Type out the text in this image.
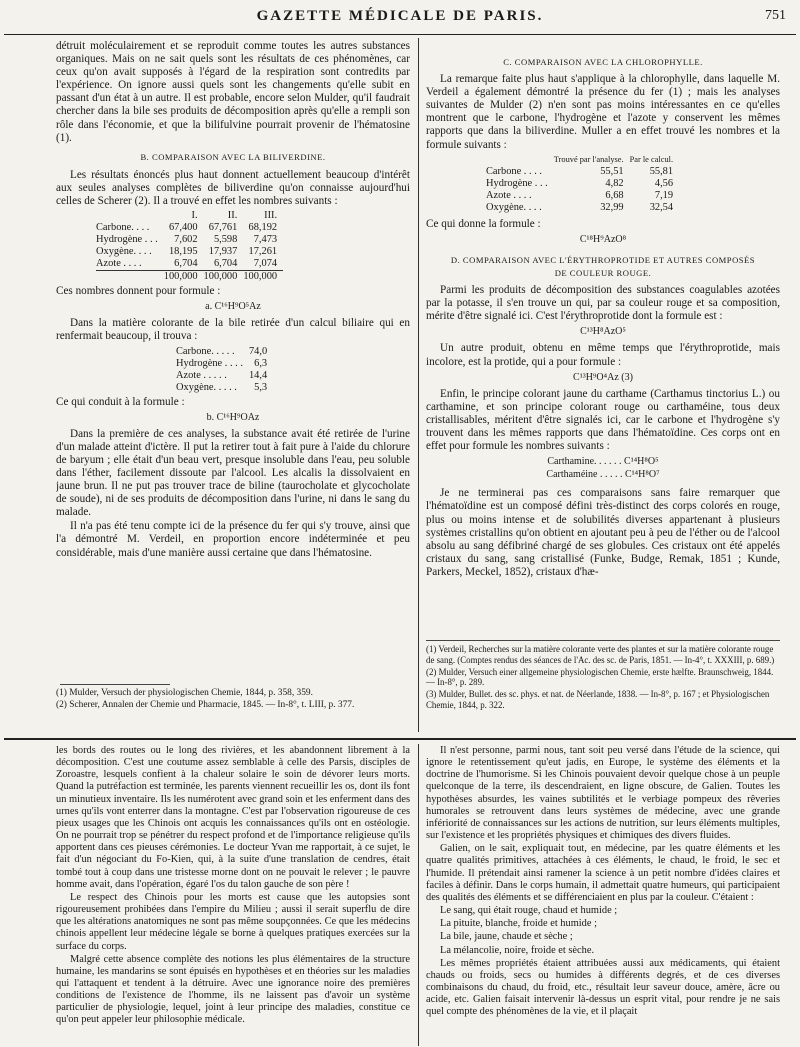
GAZETTE MÉDICALE DE PARIS.	751

détruit moléculairement et se reproduit comme toutes les autres substances organiques. Mais on ne sait quels sont les résultats de ces phénomènes, car ceux qu'on avait supposés à l'égard de la respiration sont contredits par l'expérience. On ignore aussi quels sont les changements qu'elle subit en passant d'un état à un autre. Il est probable, encore selon Mulder, qu'il faudrait chercher dans la bile ses produits de décomposition après qu'elle a rempli son rôle dans l'économie, et que la bilifulvine pourrait provenir de l'hématosine (1).

B. COMPARAISON AVEC LA BILIVERDINE.

Les résultats énoncés plus haut donnent actuellement beaucoup d'intérêt aux seules analyses complètes de biliverdine qu'on connaisse aujourd'hui celles de Scherer (2). Il a trouvé en effet les nombres suivants :

	I.	II.	III.
Carbone. . . .	67,400	67,761	68,192
Hydrogène . . .	7,602	5,598	7,473
Oxygène. . . .	18,195	17,937	17,261
Azote . . . .	6,704	6,704	7,074
	100,000	100,000	100,000

Ces nombres donnent pour formule :

a. C¹⁶H⁹O⁵Az

Dans la matière colorante de la bile retirée d'un calcul biliaire qui en renfermait beaucoup, il trouva :

Carbone. . . . .	74,0
Hydrogène . . . .	6,3
Azote . . . . .	14,4
Oxygène. . . . .	5,3

Ce qui conduit à la formule :

b. C¹⁶H⁹OAz

Dans la première de ces analyses, la substance avait été retirée de l'urine d'un malade atteint d'ictère. Il put la retirer tout à fait pure à l'aide du chlorure de baryum ; elle était d'un beau vert, presque insoluble dans l'eau, peu soluble dans l'éther, facilement dissoute par l'alcool. Les alcalis la dissolvaient en jaune brun. Il ne put pas trouver trace de biline (taurocholate et glycocholate de soude), ni de ses produits de décomposition dans l'urine, ni dans le sang du malade.

Il n'a pas été tenu compte ici de la présence du fer qui s'y trouve, ainsi que l'a démontré M. Verdeil, en proportion encore indéterminée et peu considérable, mais d'une manière aussi certaine que dans l'hématosine.

(1) Mulder, Versuch der physiologischen Chemie, 1844, p. 358, 359.

(2) Scherer, Annalen der Chemie und Pharmacie, 1845. — In-8°, t. LIII, p. 377.

C. COMPARAISON AVEC LA CHLOROPHYLLE.

La remarque faite plus haut s'applique à la chlorophylle, dans laquelle M. Verdeil a également démontré la présence du fer (1) ; mais les analyses suivantes de Mulder (2) n'en sont pas moins intéressantes en ce qu'elles montrent que le carbone, l'hydrogène et l'azote y conservent les mêmes rapports que dans la biliverdine. Muller a en effet trouvé les nombres et la formule suivants :

	Trouvé par l'analyse.	Par le calcul.
Carbone . . . .	55,51	55,81
Hydrogène . . .	4,82	4,56
Azote . . . .	6,68	7,19
Oxygène. . . .	32,99	32,54

Ce qui donne la formule :

C¹⁸H⁹AzO⁸
D. COMPARAISON AVEC L'ÉRYTHROPROTIDE ET AUTRES COMPOSÉS
DE COULEUR ROUGE.

Parmi les produits de décomposition des substances coagulables azotées par la potasse, il s'en trouve un qui, par sa couleur rouge et sa composition, mérite d'être signalé ici. C'est l'érythroprotide dont la formule est :

C¹³H⁸AzO⁵

Un autre produit, obtenu en même temps que l'érythroprotide, mais incolore, est la protide, qui a pour formule :

C¹³H⁹O⁴Az (3)

Enfin, le principe colorant jaune du carthame (Carthamus tinctorius L.) ou carthamine, et son principe colorant rouge ou carthaméine, tous deux cristallisables, méritent d'être signalés ici, car le carbone et l'hydrogène s'y trouvent dans les mêmes rapports que dans l'hématoïdine. Ces corps ont en effet pour formule les nombres suivants :

Carthamine. . . . . . C¹⁴H⁸O⁵
Carthaméine . . . . . C¹⁴H⁸O⁷

Je ne terminerai pas ces comparaisons sans faire remarquer que l'hématoïdine est un composé défini très-distinct des corps colorés en rouge, plus ou moins intense et de solubilités diverses appartenant à plusieurs systèmes cristallins qu'on obtient en ajoutant peu à peu de l'éther ou de l'alcool absolu au sang défibriné chargé de ses globules. Ces cristaux ont été appelés cristaux du sang, sang cristallisé (Funke, Budge, Remak, 1851 ; Kunde, Parkers, Meckel, 1852), cristaux d'hæ-

(1) Verdeil, Recherches sur la matière colorante verte des plantes et sur la matière colorante rouge de sang. (Comptes rendus des séances de l'Ac. des sc. de Paris, 1851. — In-4°, t. XXXIII, p. 689.)

(2) Mulder, Versuch einer allgemeine physiologischen Chemie, erste hælfte. Braunschweig, 1844. — In-8°, p. 289.

(3) Mulder, Bullet. des sc. phys. et nat. de Néerlande, 1838. — In-8°, p. 167 ; et Physiologischen Chemie, 1844, p. 322.

les bords des routes ou le long des rivières, et les abandonnent librement à la décomposition. C'est une coutume assez semblable à celle des Parsis, disciples de Zoroastre, lesquels confient à la chaleur solaire le soin de dévorer leurs morts. Quand la putréfaction est terminée, les parents viennent recueillir les os, dont ils font un minutieux inventaire. Ils les numérotent avec grand soin et les enferment dans des urnes qu'ils vont enterrer dans la montagne. C'est par l'observation rigoureuse de ces pieux usages que les Chinois ont acquis les connaissances qu'ils ont en ostéologie. On ne pourrait trop se pénétrer du respect profond et de l'importance religieuse qu'ils apportent dans ces pieuses cérémonies. Le docteur Yvan me rapportait, à ce sujet, le fait d'un négociant du Fo-Kien, qui, à la suite d'une translation de cendres, était tombé tout à coup dans une tristesse morne dont on ne pouvait le relever ; le pauvre homme avait, dans l'opération, égaré l'os du talon gauche de son père !

Le respect des Chinois pour les morts est cause que les autopsies sont rigoureusement prohibées dans l'empire du Milieu ; aussi il serait superflu de dire que les altérations anatomiques ne sont pas même soupçonnées. Ce que les médecins chinois appellent leur médecine légale se borne à quelques pratiques exercées sur la surface du corps.

Malgré cette absence complète des notions les plus élémentaires de la structure humaine, les mandarins se sont épuisés en hypothèses et en théories sur les maladies qui l'attaquent et tendent à la détruire. Avec une ignorance noire des premières conditions de l'existence de l'homme, ils ne laissent pas d'avoir un système particulier de physiologie, lequel, joint à leur principe des maladies, constitue ce qu'on peut appeler leur philosophie médicale.

Il n'est personne, parmi nous, tant soit peu versé dans l'étude de la science, qui ignore le retentissement qu'eut jadis, en Europe, le système des éléments et la doctrine de l'humorisme. Si les Chinois pouvaient devoir quelque chose à un peuple quelconque de la terre, ils descendraient, en ligne obscure, de Galien. Toutes les hypothèses absurdes, les vaines subtilités et le verbiage pompeux des rêveries humorales se retrouvent dans leurs systèmes de médecine, avec une grande infériorité de connaissances sur les actions de nutrition, sur leurs éléments multiples, sur l'existence et les propriétés physiques et chimiques des divers fluides.

Galien, on le sait, expliquait tout, en médecine, par les quatre éléments et les quatre qualités primitives, attachées à ces éléments, le chaud, le froid, le sec et l'humide. Il prétendait ainsi ramener la science à un petit nombre d'idées claires et faciles à définir. Dans le corps humain, il admettait quatre humeurs, qui participaient des qualités des éléments et se différenciaient en plus par la couleur. C'étaient :

Le sang, qui était rouge, chaud et humide ;

La pituite, blanche, froide et humide ;

La bile, jaune, chaude et sèche ;

La mélancolie, noire, froide et sèche.

Les mêmes propriétés étaient attribuées aussi aux médicaments, qui étaient chauds ou froids, secs ou humides à différents degrés, et de ces diverses combinaisons du chaud, du froid, etc., résultait leur saveur douce, amère, âcre ou acide, etc. Galien faisait intervenir là-dessus un esprit vital, pour rendre je ne sais quel compte des phénomènes de la vie, et il plaçait
